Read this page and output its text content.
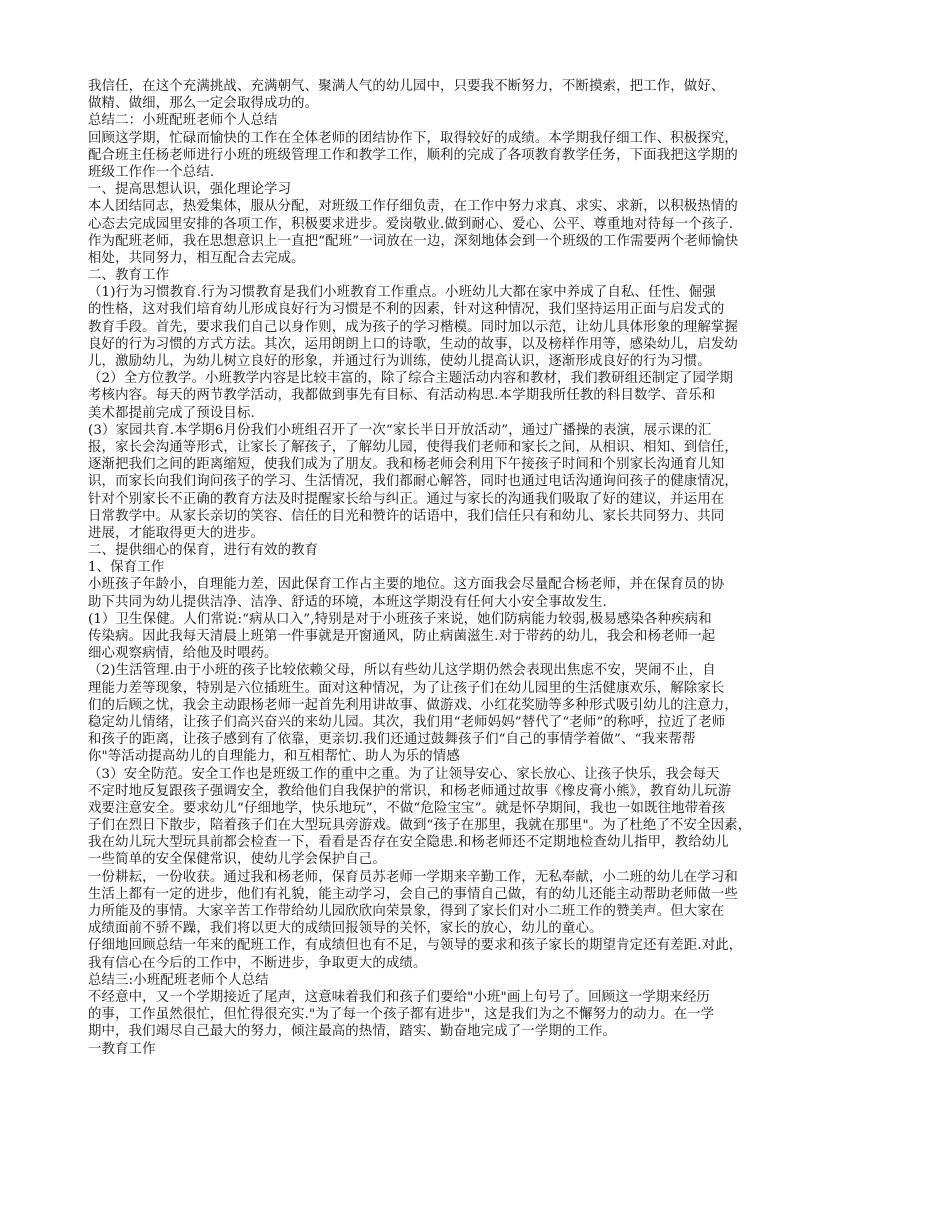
我信任，在这个充满挑战、充满朝气、聚满人气的幼儿园中，只要我不断努力，不断摸索，把工作，做好、
做精、做细，那么一定会取得成功的。
总结二：小班配班老师个人总结
回顾这学期，忙碌而愉快的工作在全体老师的团结协作下，取得较好的成绩。本学期我仔细工作、积极探究，
配合班主任杨老师进行小班的班级管理工作和教学工作，顺利的完成了各项教育教学任务，下面我把这学期的
班级工作作一个总结.
一、提高思想认识，强化理论学习
本人团结同志，热爱集体，服从分配，对班级工作仔细负责，在工作中努力求真、求实、求新，以积极热情的
心态去完成园里安排的各项工作，积极要求进步。爱岗敬业.做到耐心、爱心、公平、尊重地对待每一个孩子.
作为配班老师，我在思想意识上一直把“配班”一词放在一边，深刻地体会到一个班级的工作需要两个老师愉快
相处，共同努力，相互配合去完成。
二、教育工作
（1)行为习惯教育.行为习惯教育是我们小班教育工作重点。小班幼儿大都在家中养成了自私、任性、倔强
的性格，这对我们培育幼儿形成良好行为习惯是不利的因素，针对这种情况，我们坚持运用正面与启发式的
教育手段。首先，要求我们自己以身作则，成为孩子的学习楷模。同时加以示范，让幼儿具体形象的理解掌握
良好的行为习惯的方式方法。其次，运用朗朗上口的诗歌，生动的故事，以及榜样作用等，感染幼儿，启发幼
儿，激励幼儿，为幼儿树立良好的形象，并通过行为训练，使幼儿提高认识，逐渐形成良好的行为习惯。
（2）全方位教学。小班教学内容是比较丰富的，除了综合主题活动内容和教材，我们教研组还制定了园学期
考核内容。每天的两节教学活动，我都做到事先有目标、有活动构思.本学期我所任教的科目数学、音乐和
美术都提前完成了预设目标.
(3）家园共育.本学期6月份我们小班组召开了一次“家长半日开放活动”，通过广播操的表演，展示课的汇
报，家长会沟通等形式，让家长了解孩子，了解幼儿园，使得我们老师和家长之间，从相识、相知、到信任，
逐渐把我们之间的距离缩短，使我们成为了朋友。我和杨老师会利用下午接孩子时间和个别家长沟通育儿知
识，而家长向我们询问孩子的学习、生活情况，我们都耐心解答，同时也通过电话沟通询问孩子的健康情况，
针对个别家长不正确的教育方法及时提醒家长给与纠正。通过与家长的沟通我们吸取了好的建议，并运用在
日常教学中。从家长亲切的笑容、信任的目光和赞许的话语中，我们信任只有和幼儿、家长共同努力、共同
进展，才能取得更大的进步。
二、提供细心的保育，进行有效的教育
1、保育工作
小班孩子年龄小，自理能力差，因此保育工作占主要的地位。这方面我会尽量配合杨老师，并在保育员的协
助下共同为幼儿提供洁净、洁净、舒适的环境，本班这学期没有任何大小安全事故发生.
(1）卫生保健。人们常说:“病从口入”,特别是对于小班孩子来说，她们防病能力较弱,极易感染各种疾病和
传染病。因此我每天清晨上班第一件事就是开窗通风，防止病菌滋生.对于带药的幼儿，我会和杨老师一起
细心观察病情，给他及时喂药。
（2)生活管理.由于小班的孩子比较依赖父母，所以有些幼儿这学期仍然会表现出焦虑不安，哭闹不止，自
理能力差等现象，特别是六位插班生。面对这种情况，为了让孩子们在幼儿园里的生活健康欢乐，解除家长
们的后顾之忧，我会主动跟杨老师一起首先利用讲故事、做游戏、小红花奖励等多种形式吸引幼儿的注意力，
稳定幼儿情绪，让孩子们高兴奋兴的来幼儿园。其次，我们用“老师妈妈”替代了“老师”的称呼，拉近了老师
和孩子的距离，让孩子感到有了依靠，更亲切.我们还通过鼓舞孩子们“自己的事情学着做”、“我来帮帮
你"等活动提高幼儿的自理能力，和互相帮忙、助人为乐的情感
（3）安全防范。安全工作也是班级工作的重中之重。为了让领导安心、家长放心、让孩子快乐，我会每天
不定时地反复跟孩子强调安全，教给他们自我保护的常识，和杨老师通过故事《橡皮膏小熊》，教育幼儿玩游
戏要注意安全。要求幼儿“仔细地学，快乐地玩”，不做“危险宝宝”。就是怀孕期间，我也一如既往地带着孩
子们在烈日下散步，陪着孩子们在大型玩具旁游戏。做到“孩子在那里，我就在那里"。为了杜绝了不安全因素，
我在幼儿玩大型玩具前都会检查一下，看看是否存在安全隐患.和杨老师还不定期地检查幼儿指甲，教给幼儿
一些简单的安全保健常识，使幼儿学会保护自己。
一份耕耘，一份收获。通过我和杨老师，保育员苏老师一学期来辛勤工作，无私奉献，小二班的幼儿在学习和
生活上都有一定的进步，他们有礼貌，能主动学习，会自己的事情自己做，有的幼儿还能主动帮助老师做一些
力所能及的事情。大家辛苦工作带给幼儿园欣欣向荣景象，得到了家长们对小二班工作的赞美声。但大家在
成绩面前不骄不躁，我们将以更大的成绩回报领导的关怀，家长的放心，幼儿的童心。
仔细地回顾总结一年来的配班工作，有成绩但也有不足，与领导的要求和孩子家长的期望肯定还有差距.对此，
我有信心在今后的工作中，不断进步，争取更大的成绩。
总结三:小班配班老师个人总结
不经意中，又一个学期接近了尾声，这意味着我们和孩子们要给"小班"画上句号了。回顾这一学期来经历
的事，工作虽然很忙，但忙得很充实."为了每一个孩子都有进步"，这是我们为之不懈努力的动力。在一学
期中，我们竭尽自己最大的努力，倾注最高的热情，踏实、勤奋地完成了一学期的工作。
一教育工作
